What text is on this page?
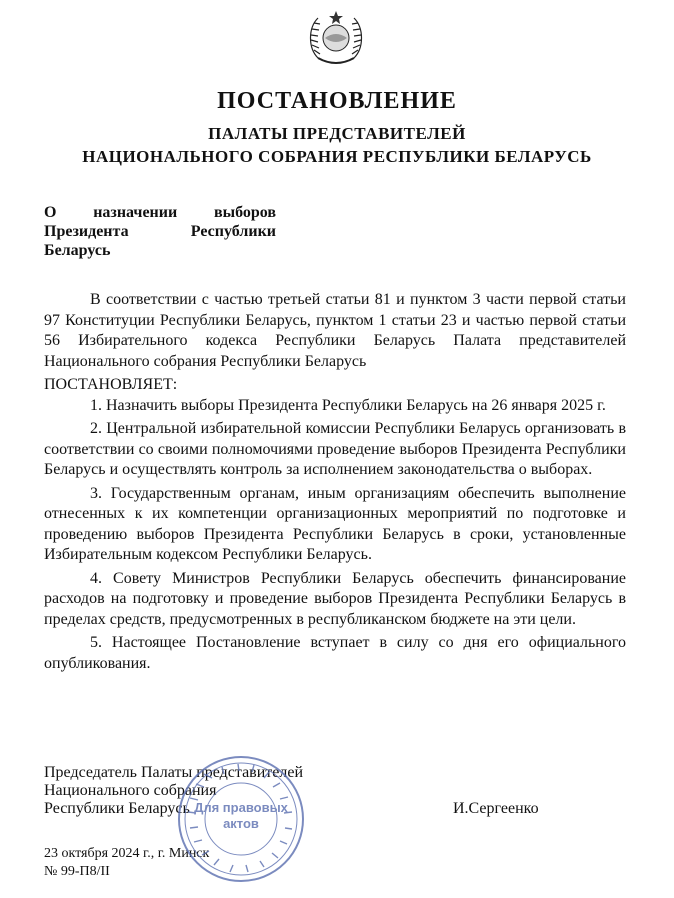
ПОСТАНОВЛЕНИЕ
ПАЛАТЫ ПРЕДСТАВИТЕЛЕЙ
НАЦИОНАЛЬНОГО СОБРАНИЯ РЕСПУБЛИКИ БЕЛАРУСЬ
О назначении выборов Президента Республики Беларусь

В соответствии с частью третьей статьи 81 и пунктом 3 части первой статьи 97 Конституции Республики Беларусь, пунктом 1 статьи 23 и частью первой статьи 56 Избирательного кодекса Республики Беларусь Палата представителей Национального собрания Республики Беларусь

ПОСТАНОВЛЯЕТ:

1. Назначить выборы Президента Республики Беларусь на 26 января 2025 г.

2. Центральной избирательной комиссии Республики Беларусь организовать в соответствии со своими полномочиями проведение выборов Президента Республики Беларусь и осуществлять контроль за исполнением законодательства о выборах.

3. Государственным органам, иным организациям обеспечить выполнение отнесенных к их компетенции организационных мероприятий по подготовке и проведению выборов Президента Республики Беларусь в сроки, установленные Избирательным кодексом Республики Беларусь.

4. Совету Министров Республики Беларусь обеспечить финансирование расходов на подготовку и проведение выборов Президента Республики Беларусь в пределах средств, предусмотренных в республиканском бюджете на эти цели.

5. Настоящее Постановление вступает в силу со дня его официального опубликования.

Председатель Палаты представителей
Национального собрания
Республики Беларусь	И.Сергеенко
23 октября 2024 г., г. Минск
№ 99-П8/II
Для правовых
актов
